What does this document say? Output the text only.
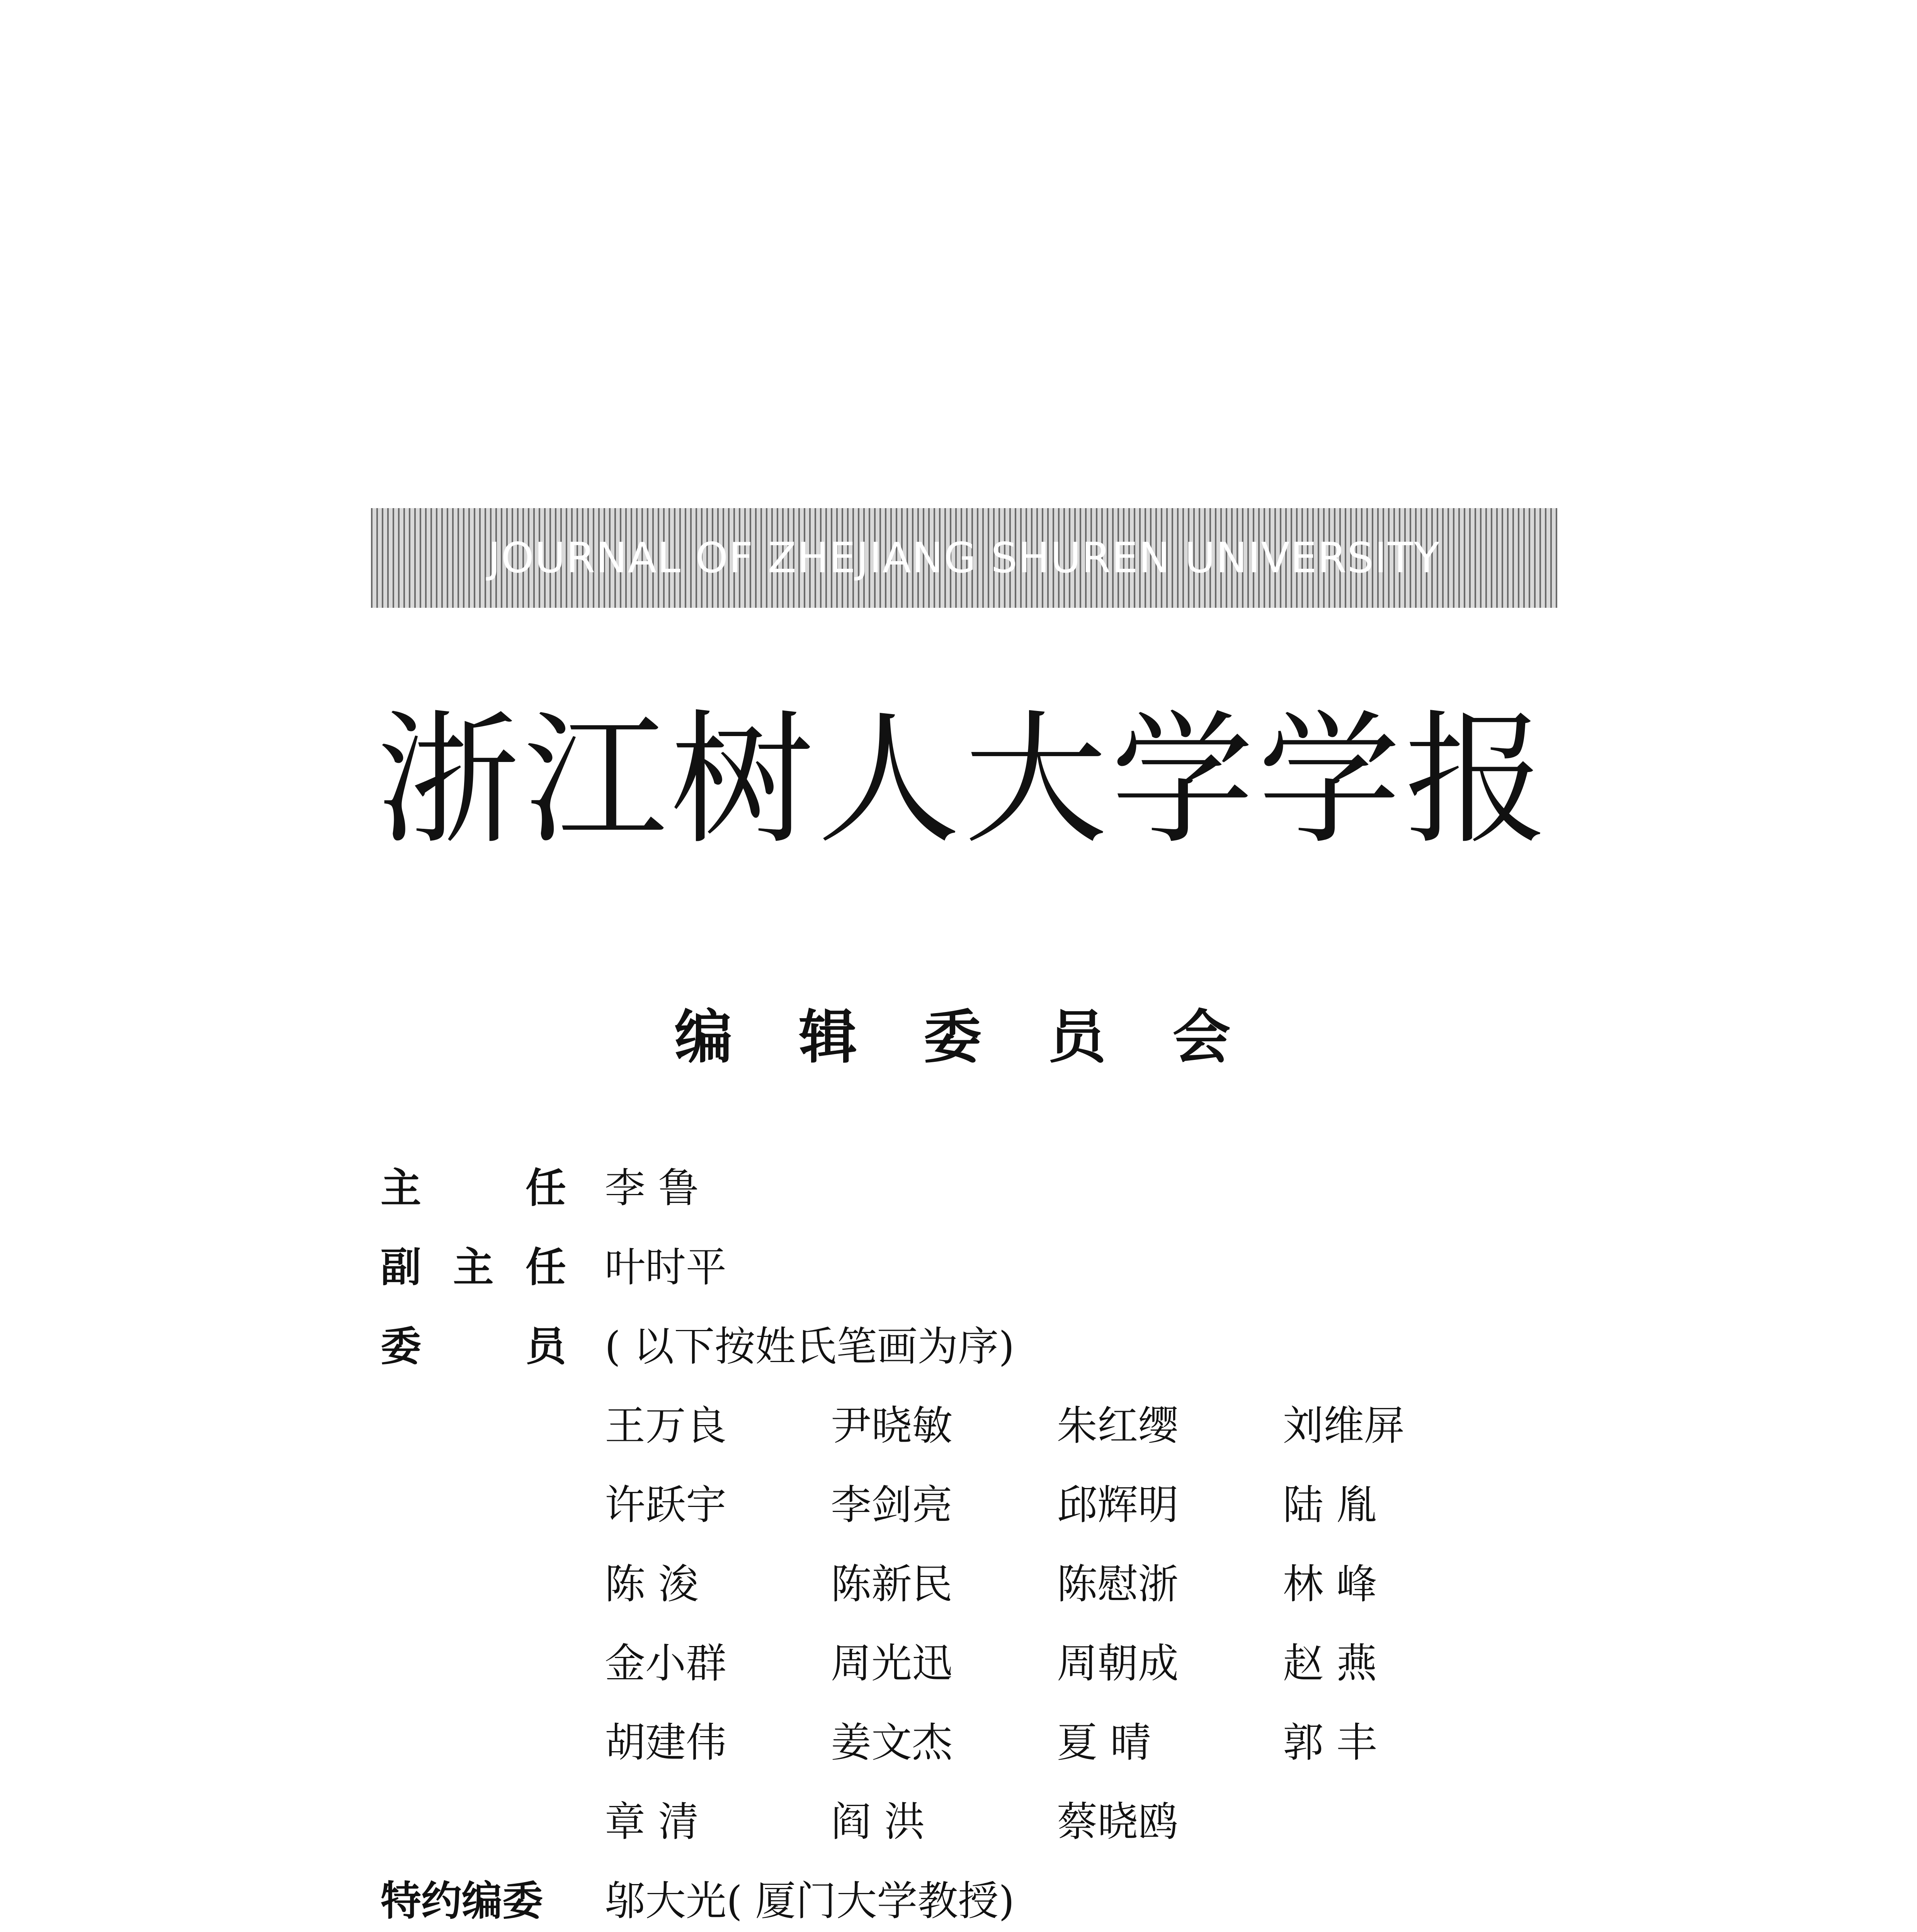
JOURNAL OF ZHEJIANG SHUREN UNIVERSITY
浙江树人大学学报
编 辑 委 员 会
主	任 李 鲁
副 主 任 叶时平
委	员 ( 以下按姓氏笔画为序)
王万良	尹晓敏	朱红缨	刘维屏
许跃宇	李剑亮	邱辉明	陆 胤
陈 浚	陈新民	陈慰浙	林 峰
金小群	周光迅	周朝成	赵 燕
胡建伟	姜文杰	夏 晴	郭 丰
章 清	阎 洪	蔡晓鸥
特约编委 邬大光( 厦门大学教授)
